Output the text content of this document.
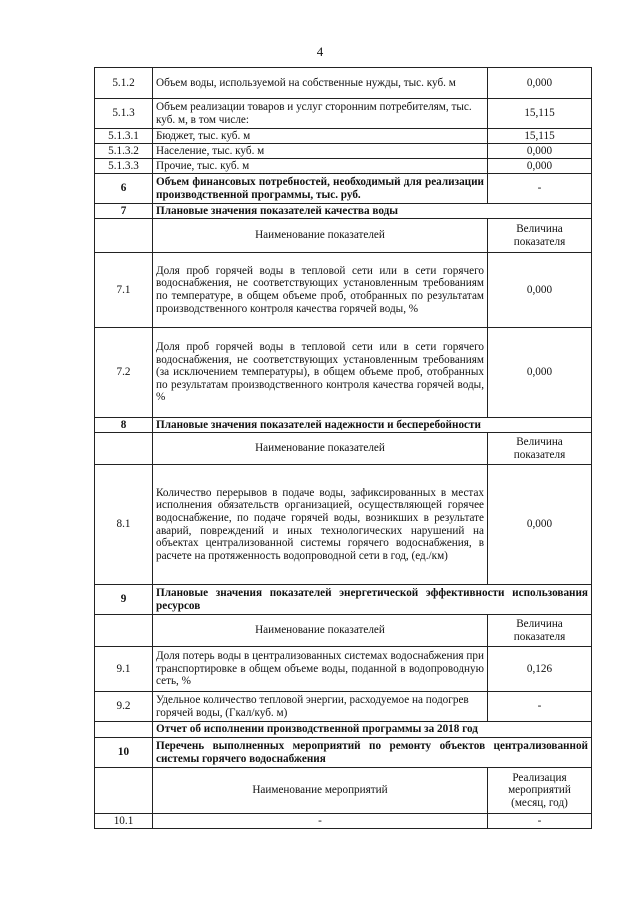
4
5.1.2	Объем воды, используемой на собственные нужды, тыс. куб. м	0,000
5.1.3	Объем реализации товаров и услуг сторонним потребителям, тыс. куб. м, в том числе:	15,115
5.1.3.1	Бюджет, тыс. куб. м	15,115
5.1.3.2	Население, тыс. куб. м	0,000
5.1.3.3	Прочие, тыс. куб. м	0,000
6	Объем финансовых потребностей, необходимый для реализации производственной программы, тыс. руб.	-
7	Плановые значения показателей качества воды	
	Наименование показателей	Величина показателя
7.1	Доля проб горячей воды в тепловой сети или в сети горячего водоснабжения, не соответствующих установленным требованиям по температуре, в общем объеме проб, отобранных по результатам производственного контроля качества горячей воды, %	0,000
7.2	Доля проб горячей воды в тепловой сети или в сети горячего водоснабжения, не соответствующих установленным требованиям (за исключением температуры), в общем объеме проб, отобранных по результатам производственного контроля качества горячей воды, %	0,000
8	Плановые значения показателей надежности и бесперебойности	
	Наименование показателей	Величина показателя
8.1	Количество перерывов в подаче воды, зафиксированных в местах исполнения обязательств организацией, осуществляющей горячее водоснабжение, по подаче горячей воды, возникших в результате аварий, повреждений и иных технологических нарушений на объектах централизованной системы горячего водоснабжения, в расчете на протяженность водопроводной сети в год, (ед./км)	0,000
9	Плановые значения показателей энергетической эффективности использования ресурсов	
	Наименование показателей	Величина показателя
9.1	Доля потерь воды в централизованных системах водоснабжения при транспортировке в общем объеме воды, поданной в водопроводную сеть, %	0,126
9.2	Удельное количество тепловой энергии, расходуемое на подогрев горячей воды, (Гкал/куб. м)	-
	Отчет об исполнении производственной программы за 2018 год	
10	Перечень выполненных мероприятий по ремонту объектов централизованной системы горячего водоснабжения	
	Наименование мероприятий	Реализация мероприятий (месяц, год)
10.1	-	-
